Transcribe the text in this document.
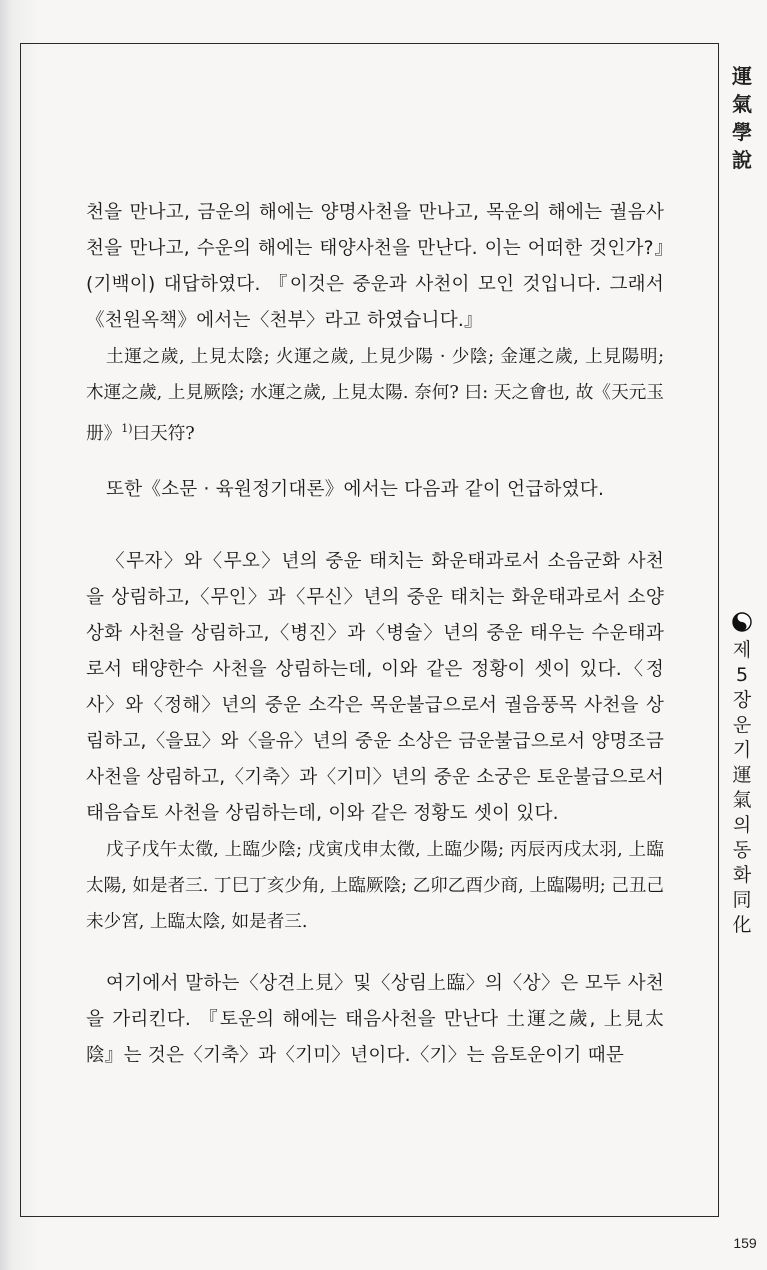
運
氣
學
說
제
5
장
운
기
運
氣
의
동
화
同
化

천을 만나고, 금운의 해에는 양명사천을 만나고, 목운의 해에는 궐음사천을 만나고, 수운의 해에는 태양사천을 만난다. 이는 어떠한 것인가?』(기백이) 대답하였다. 『이것은 중운과 사천이 모인 것입니다. 그래서《천원옥책》에서는〈천부〉라고 하였습니다.』

土運之歲, 上見太陰; 火運之歲, 上見少陽 · 少陰; 金運之歲, 上見陽明; 木運之歲, 上見厥陰; 水運之歲, 上見太陽. 奈何? 曰: 天之會也, 故《天元玉册》$^{1)}$曰天符?

또한《소문 · 육원정기대론》에서는 다음과 같이 언급하였다.

〈무자〉와〈무오〉년의 중운 태치는 화운태과로서 소음군화 사천을 상림하고,〈무인〉과〈무신〉년의 중운 태치는 화운태과로서 소양상화 사천을 상림하고,〈병진〉과〈병술〉년의 중운 태우는 수운태과로서 태양한수 사천을 상림하는데, 이와 같은 정황이 셋이 있다.〈정사〉와〈정해〉년의 중운 소각은 목운불급으로서 궐음풍목 사천을 상림하고,〈을묘〉와〈을유〉년의 중운 소상은 금운불급으로서 양명조금 사천을 상림하고,〈기축〉과〈기미〉년의 중운 소궁은 토운불급으로서 태음습토 사천을 상림하는데, 이와 같은 정황도 셋이 있다.

戊子戊午太徵, 上臨少陰; 戊寅戊申太徵, 上臨少陽; 丙辰丙戌太羽, 上臨太陽, 如是者三. 丁巳丁亥少角, 上臨厥陰; 乙卯乙酉少商, 上臨陽明; 己丑己未少宮, 上臨太陰, 如是者三.

여기에서 말하는〈상견上見〉및〈상림上臨〉의〈상〉은 모두 사천을 가리킨다. 『토운의 해에는 태음사천을 만난다 土運之歲, 上見太陰』는 것은〈기축〉과〈기미〉년이다.〈기〉는 음토운이기 때문

159
